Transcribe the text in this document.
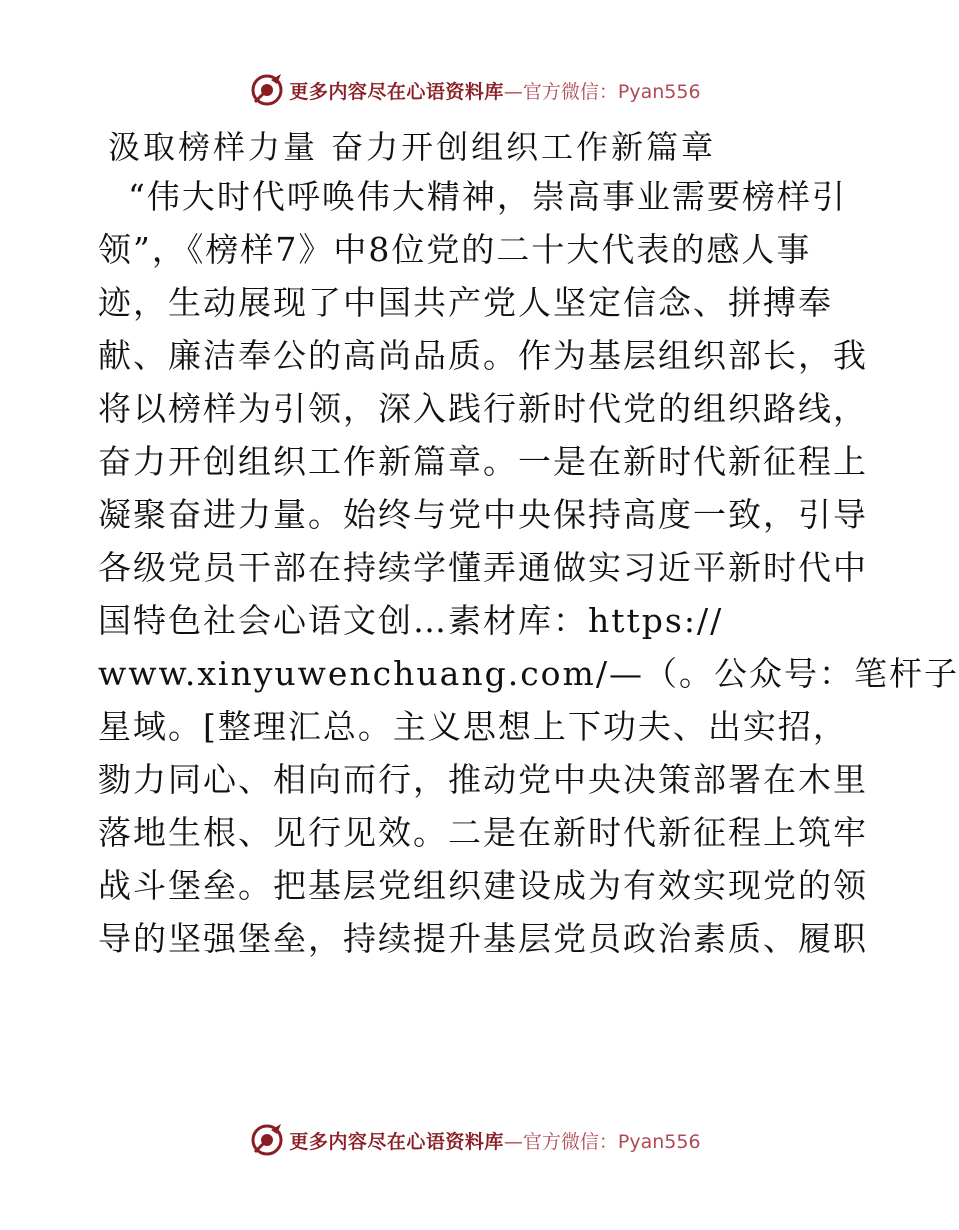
更多内容尽在心语资料库 —官方微信：Pyan556
汲取榜样力量 奋力开创组织工作新篇章
“伟大时代呼唤伟大精神，崇高事业需要榜样引
领”，《榜样7》中8位党的二十大代表的感人事
迹，生动展现了中国共产党人坚定信念、拼搏奉
献、廉洁奉公的高尚品质。作为基层组织部长，我
将以榜样为引领，深入践行新时代党的组织路线，
奋力开创组织工作新篇章。一是在新时代新征程上
凝聚奋进力量。始终与党中央保持高度一致，引导
各级党员干部在持续学懂弄通做实习近平新时代中
国特色社会心语文创…素材库：https://
www.xinyuwenchuang.com/—（。公众号：笔杆子
星域。[整理汇总。主义思想上下功夫、出实招，
勠力同心、相向而行，推动党中央决策部署在木里
落地生根、见行见效。二是在新时代新征程上筑牢
战斗堡垒。把基层党组织建设成为有效实现党的领
导的坚强堡垒，持续提升基层党员政治素质、履职
更多内容尽在心语资料库 —官方微信：Pyan556
